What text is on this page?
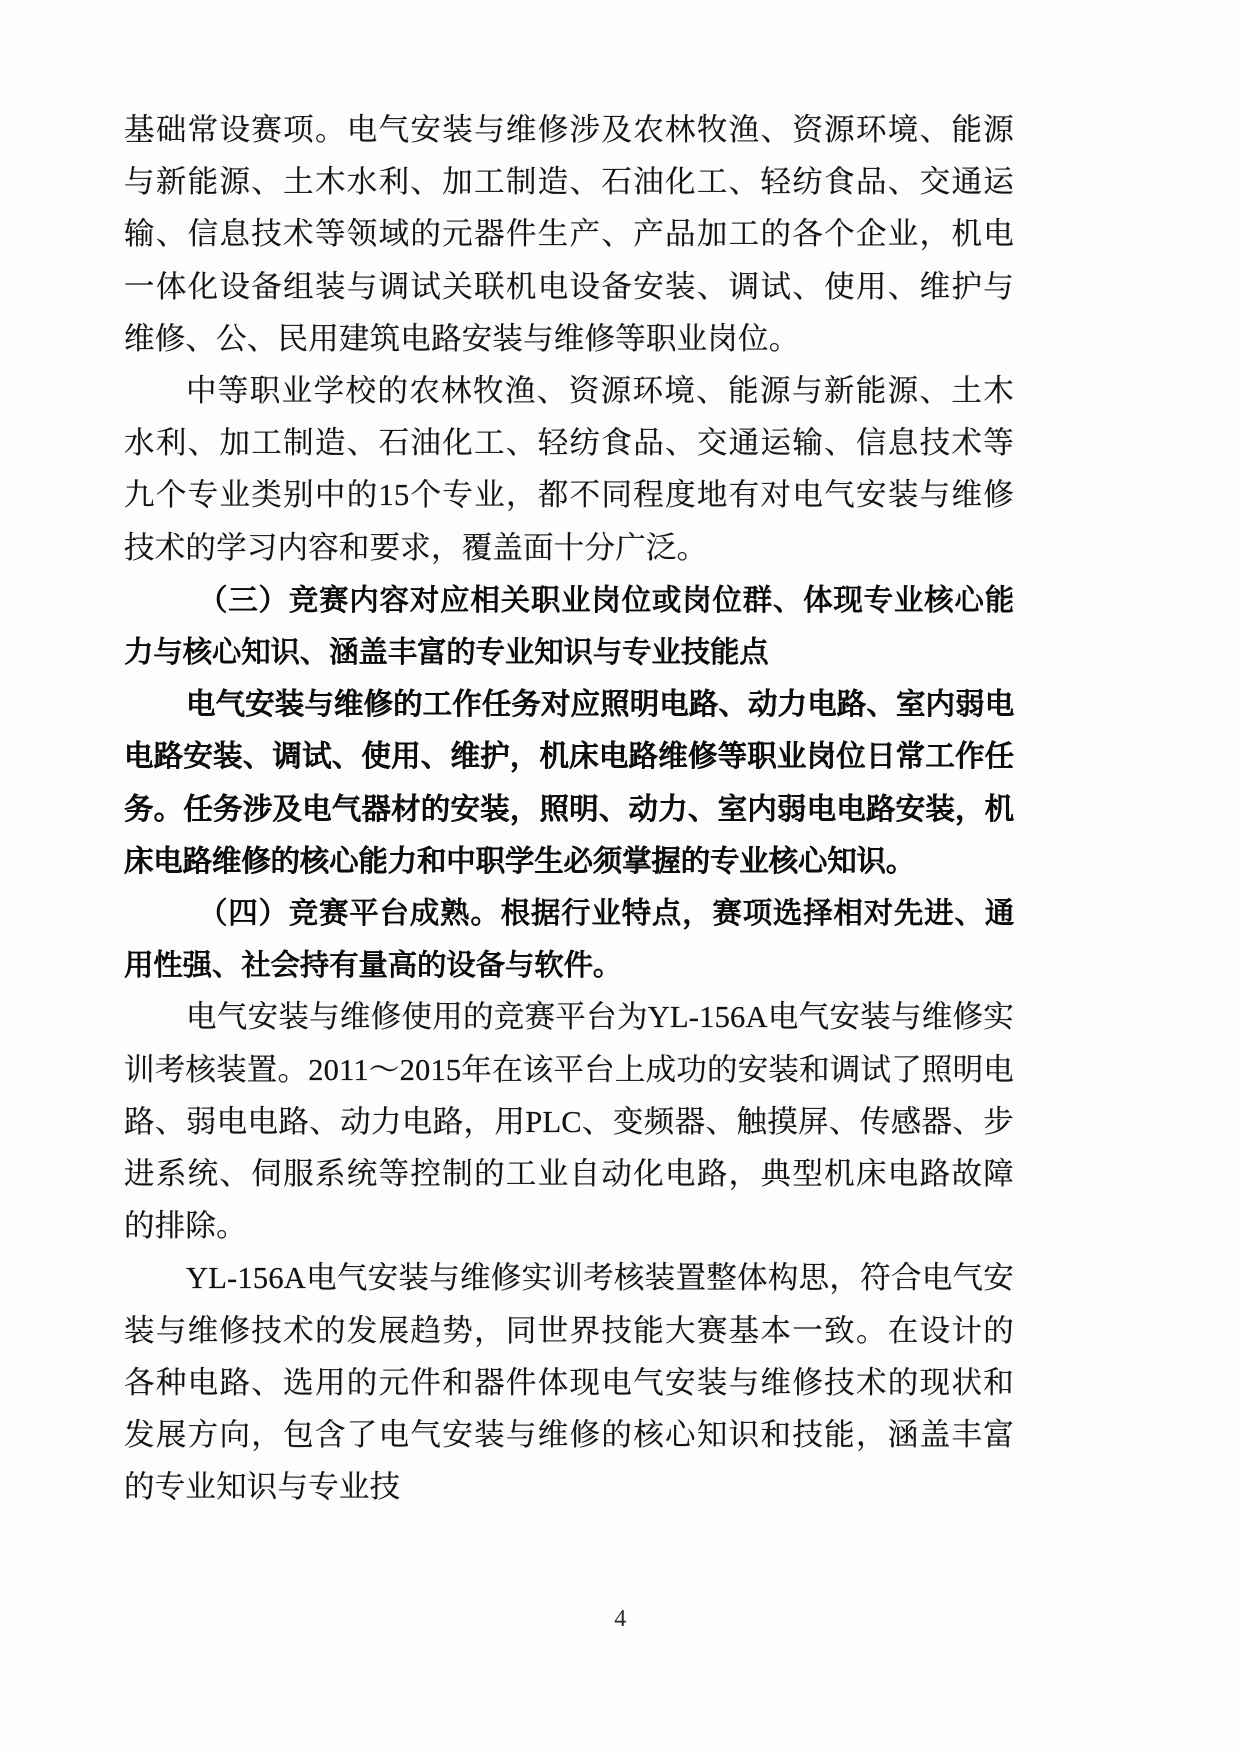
基础常设赛项。电气安装与维修涉及农林牧渔、资源环境、能源与新能源、土木水利、加工制造、石油化工、轻纺食品、交通运输、信息技术等领域的元器件生产、产品加工的各个企业，机电一体化设备组装与调试关联机电设备安装、调试、使用、维护与维修、公、民用建筑电路安装与维修等职业岗位。

中等职业学校的农林牧渔、资源环境、能源与新能源、土木水利、加工制造、石油化工、轻纺食品、交通运输、信息技术等九个专业类别中的15个专业，都不同程度地有对电气安装与维修技术的学习内容和要求，覆盖面十分广泛。

（三）竞赛内容对应相关职业岗位或岗位群、体现专业核心能力与核心知识、涵盖丰富的专业知识与专业技能点

电气安装与维修的工作任务对应照明电路、动力电路、室内弱电电路安装、调试、使用、维护，机床电路维修等职业岗位日常工作任务。任务涉及电气器材的安装，照明、动力、室内弱电电路安装，机床电路维修的核心能力和中职学生必须掌握的专业核心知识。

（四）竞赛平台成熟。根据行业特点，赛项选择相对先进、通用性强、社会持有量高的设备与软件。

电气安装与维修使用的竞赛平台为YL-156A电气安装与维修实训考核装置。2011～2015年在该平台上成功的安装和调试了照明电路、弱电电路、动力电路，用PLC、变频器、触摸屏、传感器、步进系统、伺服系统等控制的工业自动化电路，典型机床电路故障的排除。

YL-156A电气安装与维修实训考核装置整体构思，符合电气安装与维修技术的发展趋势，同世界技能大赛基本一致。在设计的各种电路、选用的元件和器件体现电气安装与维修技术的现状和发展方向，包含了电气安装与维修的核心知识和技能，涵盖丰富的专业知识与专业技

4
